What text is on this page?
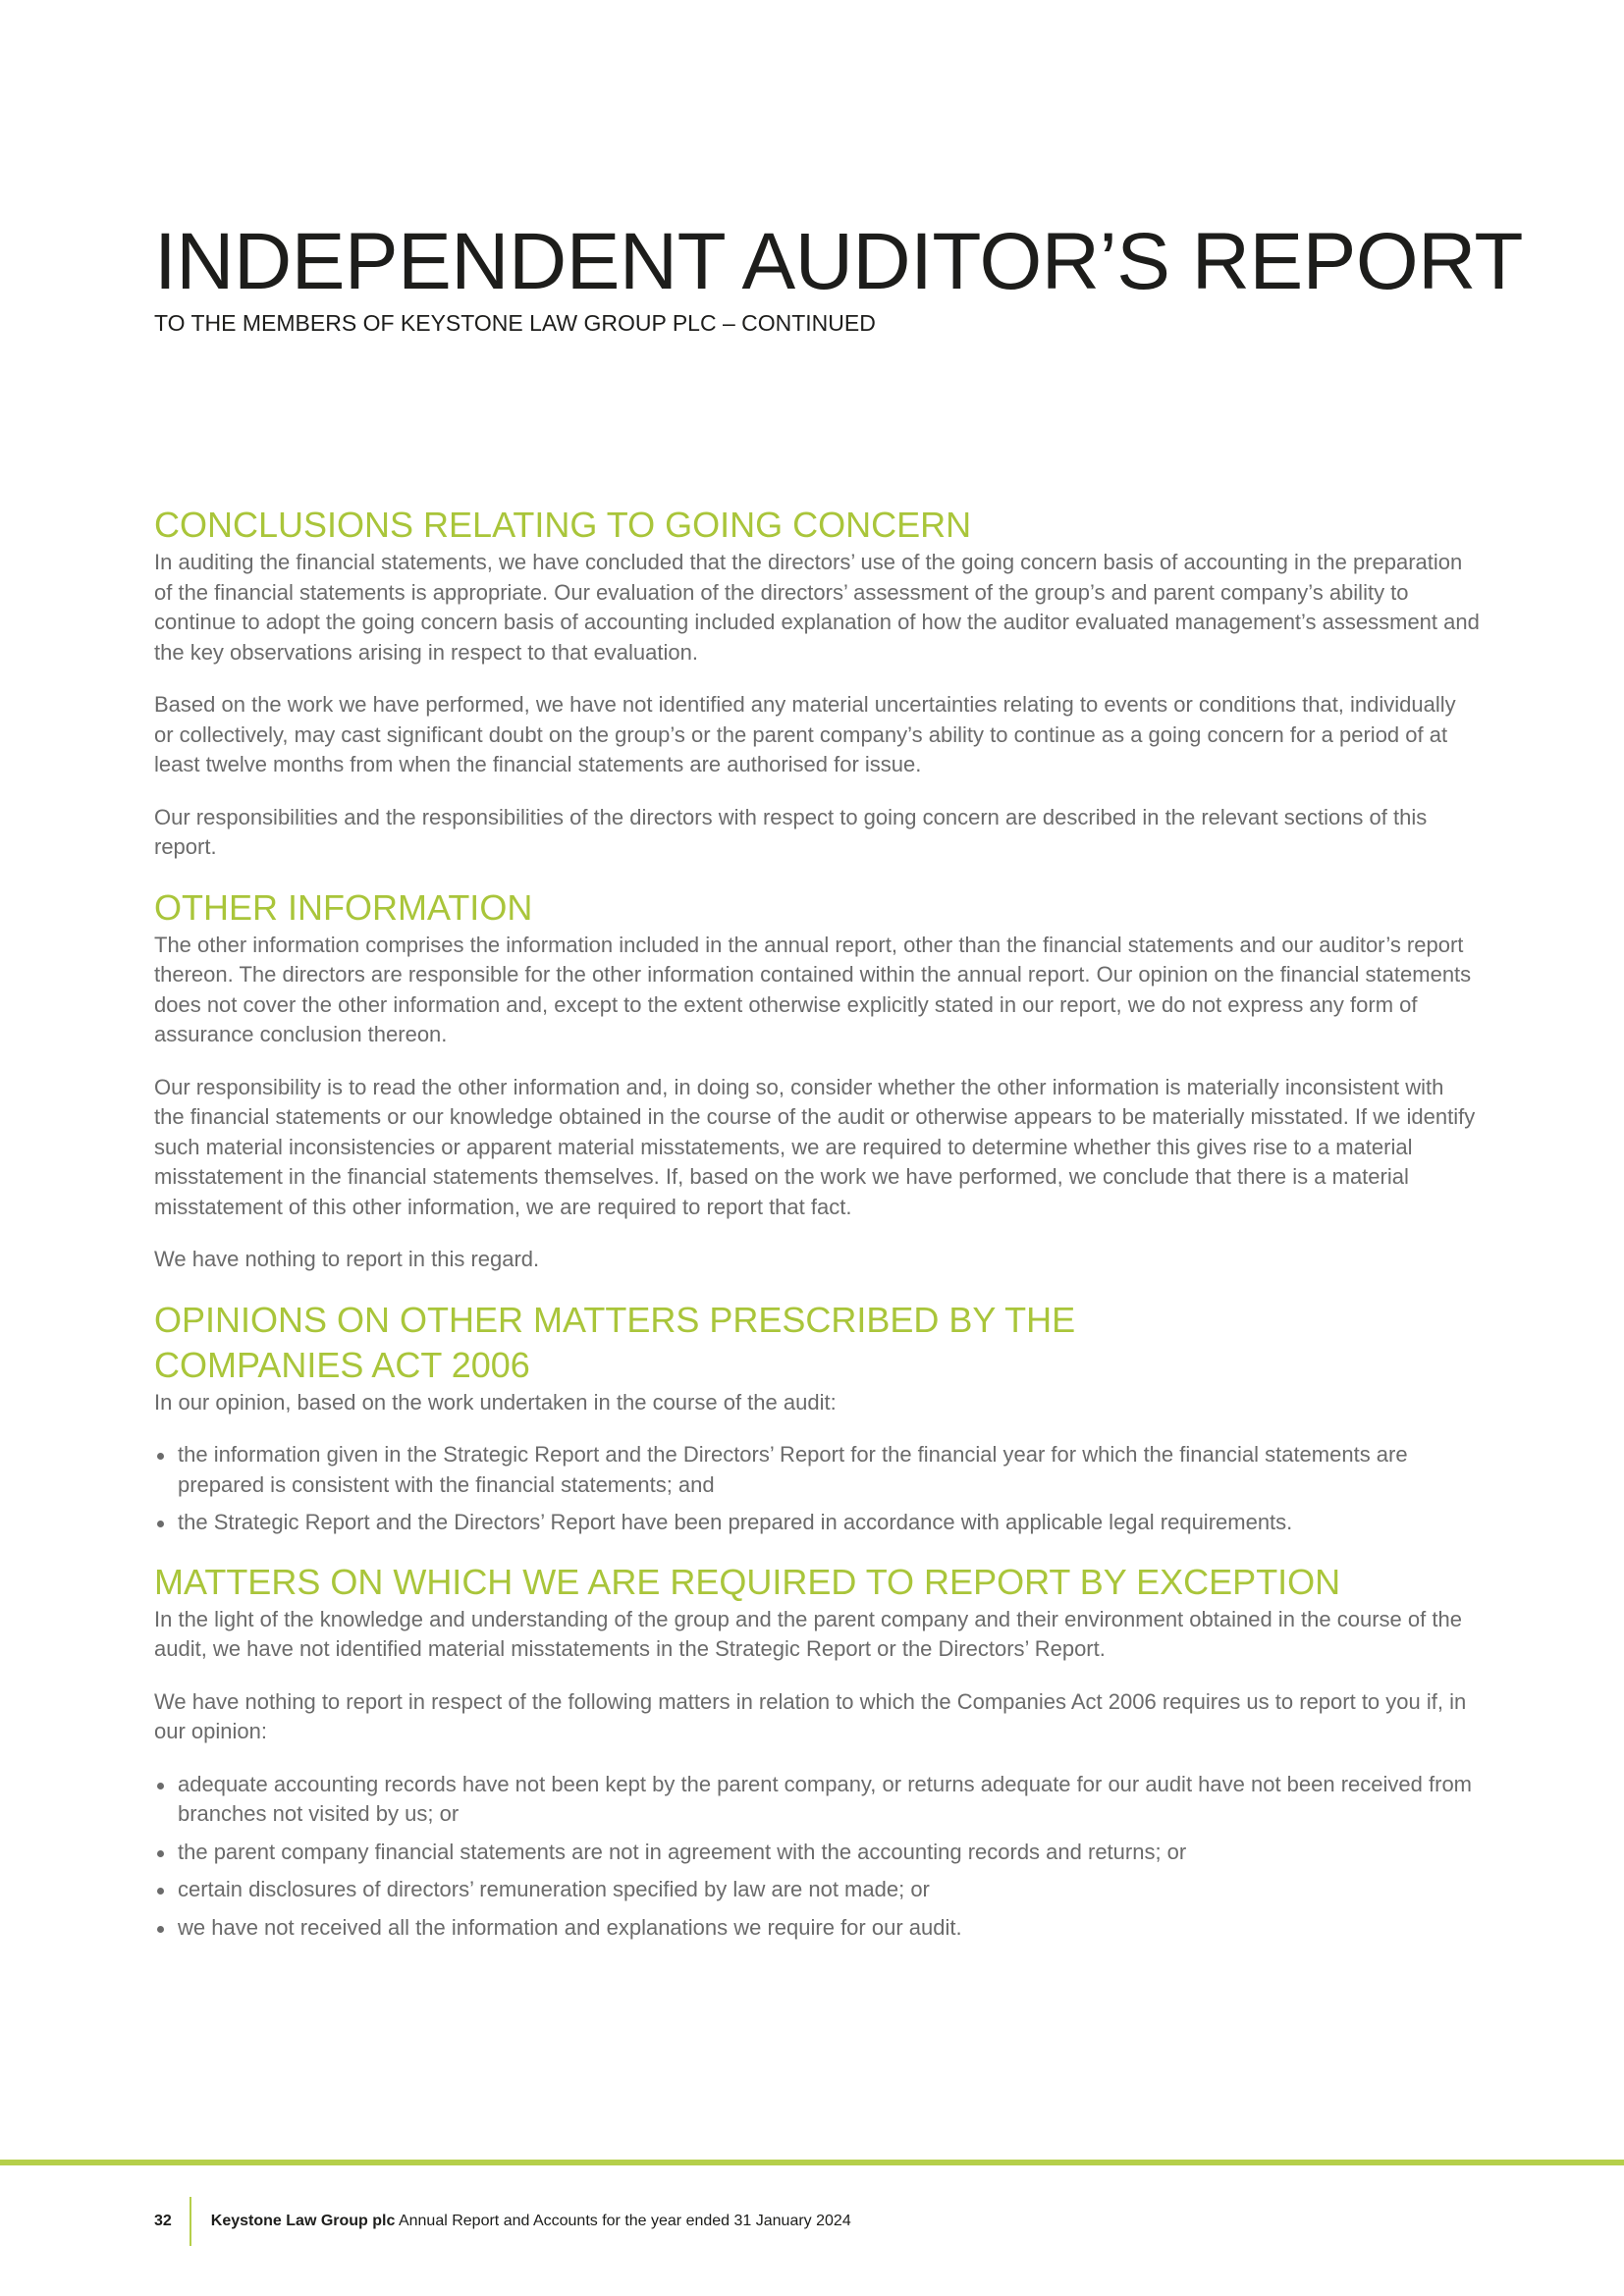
INDEPENDENT AUDITOR’S REPORT
TO THE MEMBERS OF KEYSTONE LAW GROUP PLC – CONTINUED
CONCLUSIONS RELATING TO GOING CONCERN

In auditing the financial statements, we have concluded that the directors’ use of the going concern basis of accounting in the preparation of the financial statements is appropriate. Our evaluation of the directors’ assessment of the group’s and parent company’s ability to continue to adopt the going concern basis of accounting included explanation of how the auditor evaluated management’s assessment and the key observations arising in respect to that evaluation.

Based on the work we have performed, we have not identified any material uncertainties relating to events or conditions that, individually or collectively, may cast significant doubt on the group’s or the parent company’s ability to continue as a going concern for a period of at least twelve months from when the financial statements are authorised for issue.

Our responsibilities and the responsibilities of the directors with respect to going concern are described in the relevant sections of this report.

OTHER INFORMATION

The other information comprises the information included in the annual report, other than the financial statements and our auditor’s report thereon. The directors are responsible for the other information contained within the annual report. Our opinion on the financial statements does not cover the other information and, except to the extent otherwise explicitly stated in our report, we do not express any form of assurance conclusion thereon.

Our responsibility is to read the other information and, in doing so, consider whether the other information is materially inconsistent with the financial statements or our knowledge obtained in the course of the audit or otherwise appears to be materially misstated. If we identify such material inconsistencies or apparent material misstatements, we are required to determine whether this gives rise to a material misstatement in the financial statements themselves. If, based on the work we have performed, we conclude that there is a material misstatement of this other information, we are required to report that fact.

We have nothing to report in this regard.

OPINIONS ON OTHER MATTERS PRESCRIBED BY THE
COMPANIES ACT 2006

In our opinion, based on the work undertaken in the course of the audit:

the information given in the Strategic Report and the Directors’ Report for the financial year for which the financial statements are prepared is consistent with the financial statements; and
the Strategic Report and the Directors’ Report have been prepared in accordance with applicable legal requirements.
MATTERS ON WHICH WE ARE REQUIRED TO REPORT BY EXCEPTION

In the light of the knowledge and understanding of the group and the parent company and their environment obtained in the course of the audit, we have not identified material misstatements in the Strategic Report or the Directors’ Report.

We have nothing to report in respect of the following matters in relation to which the Companies Act 2006 requires us to report to you if, in our opinion:

adequate accounting records have not been kept by the parent company, or returns adequate for our audit have not been received from branches not visited by us; or
the parent company financial statements are not in agreement with the accounting records and returns; or
certain disclosures of directors’ remuneration specified by law are not made; or
we have not received all the information and explanations we require for our audit.
32	Keystone Law Group plc Annual Report and Accounts for the year ended 31 January 2024
